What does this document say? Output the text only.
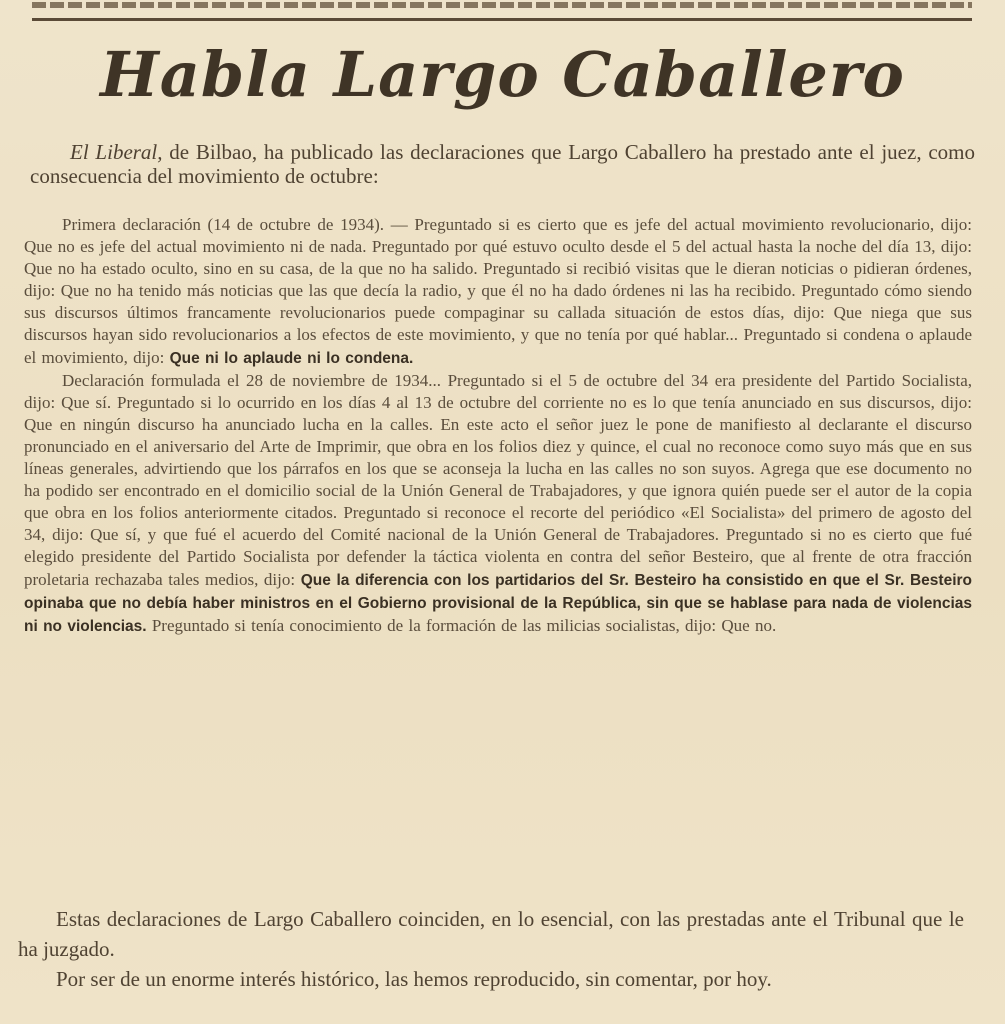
Habla Largo Caballero
El Liberal, de Bilbao, ha publicado las declaraciones que Largo Caballero ha prestado ante el juez, como consecuencia del movimiento de octubre:

Primera declaración (14 de octubre de 1934). — Preguntado si es cierto que es jefe del actual movimiento revolucionario, dijo: Que no es jefe del actual movimiento ni de nada. Preguntado por qué estuvo oculto desde el 5 del actual hasta la noche del día 13, dijo: Que no ha estado oculto, sino en su casa, de la que no ha salido. Preguntado si recibió visitas que le dieran noticias o pidieran órdenes, dijo: Que no ha tenido más noticias que las que decía la radio, y que él no ha dado órdenes ni las ha recibido. Preguntado cómo siendo sus discursos últimos francamente revolucionarios puede compaginar su callada situación de estos días, dijo: Que niega que sus discursos hayan sido revolucionarios a los efectos de este movimiento, y que no tenía por qué hablar... Preguntado si condena o aplaude el movimiento, dijo: Que ni lo aplaude ni lo condena.

Declaración formulada el 28 de noviembre de 1934... Preguntado si el 5 de octubre del 34 era presidente del Partido Socialista, dijo: Que sí. Preguntado si lo ocurrido en los días 4 al 13 de octubre del corriente no es lo que tenía anunciado en sus discursos, dijo: Que en ningún discurso ha anunciado lucha en la calles. En este acto el señor juez le pone de manifiesto al declarante el discurso pronunciado en el aniversario del Arte de Imprimir, que obra en los folios diez y quince, el cual no reconoce como suyo más que en sus líneas generales, advirtiendo que los párrafos en los que se aconseja la lucha en las calles no son suyos. Agrega que ese documento no ha podido ser encontrado en el domicilio social de la Unión General de Trabajadores, y que ignora quién puede ser el autor de la copia que obra en los folios anteriormente citados. Preguntado si reconoce el recorte del periódico «El Socialista» del primero de agosto del 34, dijo: Que sí, y que fué el acuerdo del Comité nacional de la Unión General de Trabajadores. Preguntado si no es cierto que fué elegido presidente del Partido Socialista por defender la táctica violenta en contra del señor Besteiro, que al frente de otra fracción proletaria rechazaba tales medios, dijo: Que la diferencia con los partidarios del Sr. Besteiro ha consistido en que el Sr. Besteiro opinaba que no debía haber ministros en el Gobierno provisional de la República, sin que se hablase para nada de violencias ni no violencias. Preguntado si tenía conocimiento de la formación de las milicias socialistas, dijo: Que no.

Estas declaraciones de Largo Caballero coinciden, en lo esencial, con las prestadas ante el Tribunal que le ha juzgado.

Por ser de un enorme interés histórico, las hemos reproducido, sin comentar, por hoy.
